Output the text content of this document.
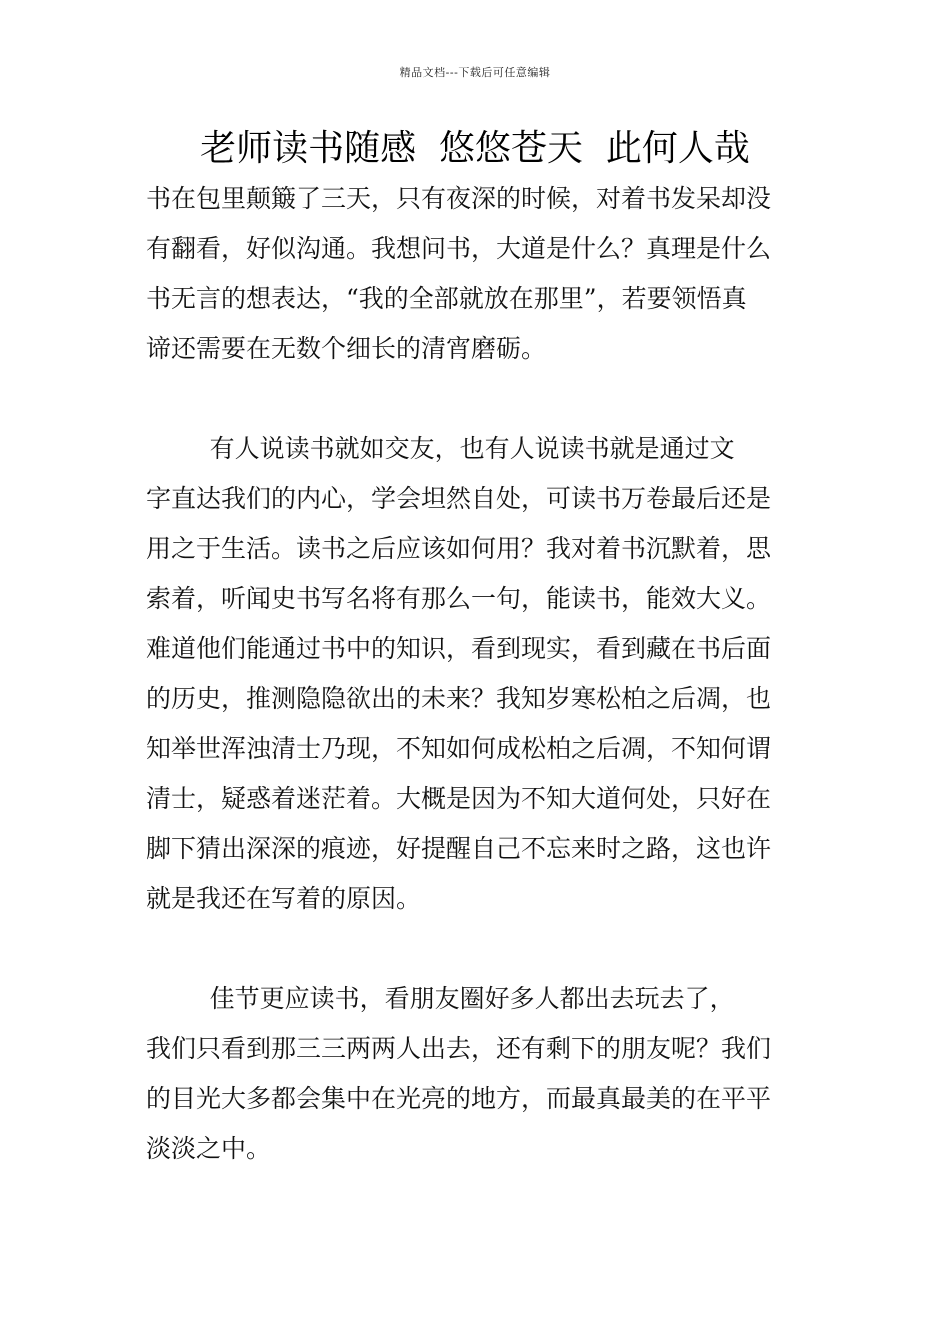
精品文档---下载后可任意编辑
老师读书随感  悠悠苍天  此何人哉
书在包里颠簸了三天，只有夜深的时候，对着书发呆却没
有翻看，好似沟通。我想问书，大道是什么？真理是什么
书无言的想表达，“我的全部就放在那里”，若要领悟真
谛还需要在无数个细长的清宵磨砺。
有人说读书就如交友，也有人说读书就是通过文
字直达我们的内心，学会坦然自处，可读书万卷最后还是
用之于生活。读书之后应该如何用？我对着书沉默着，思
索着，听闻史书写名将有那么一句，能读书，能效大义。
难道他们能通过书中的知识，看到现实，看到藏在书后面
的历史，推测隐隐欲出的未来？我知岁寒松柏之后凋，也
知举世浑浊清士乃现，不知如何成松柏之后凋，不知何谓
清士，疑惑着迷茫着。大概是因为不知大道何处，只好在
脚下猜出深深的痕迹，好提醒自己不忘来时之路，这也许
就是我还在写着的原因。
佳节更应读书，看朋友圈好多人都出去玩去了，
我们只看到那三三两两人出去，还有剩下的朋友呢？我们
的目光大多都会集中在光亮的地方，而最真最美的在平平
淡淡之中。
